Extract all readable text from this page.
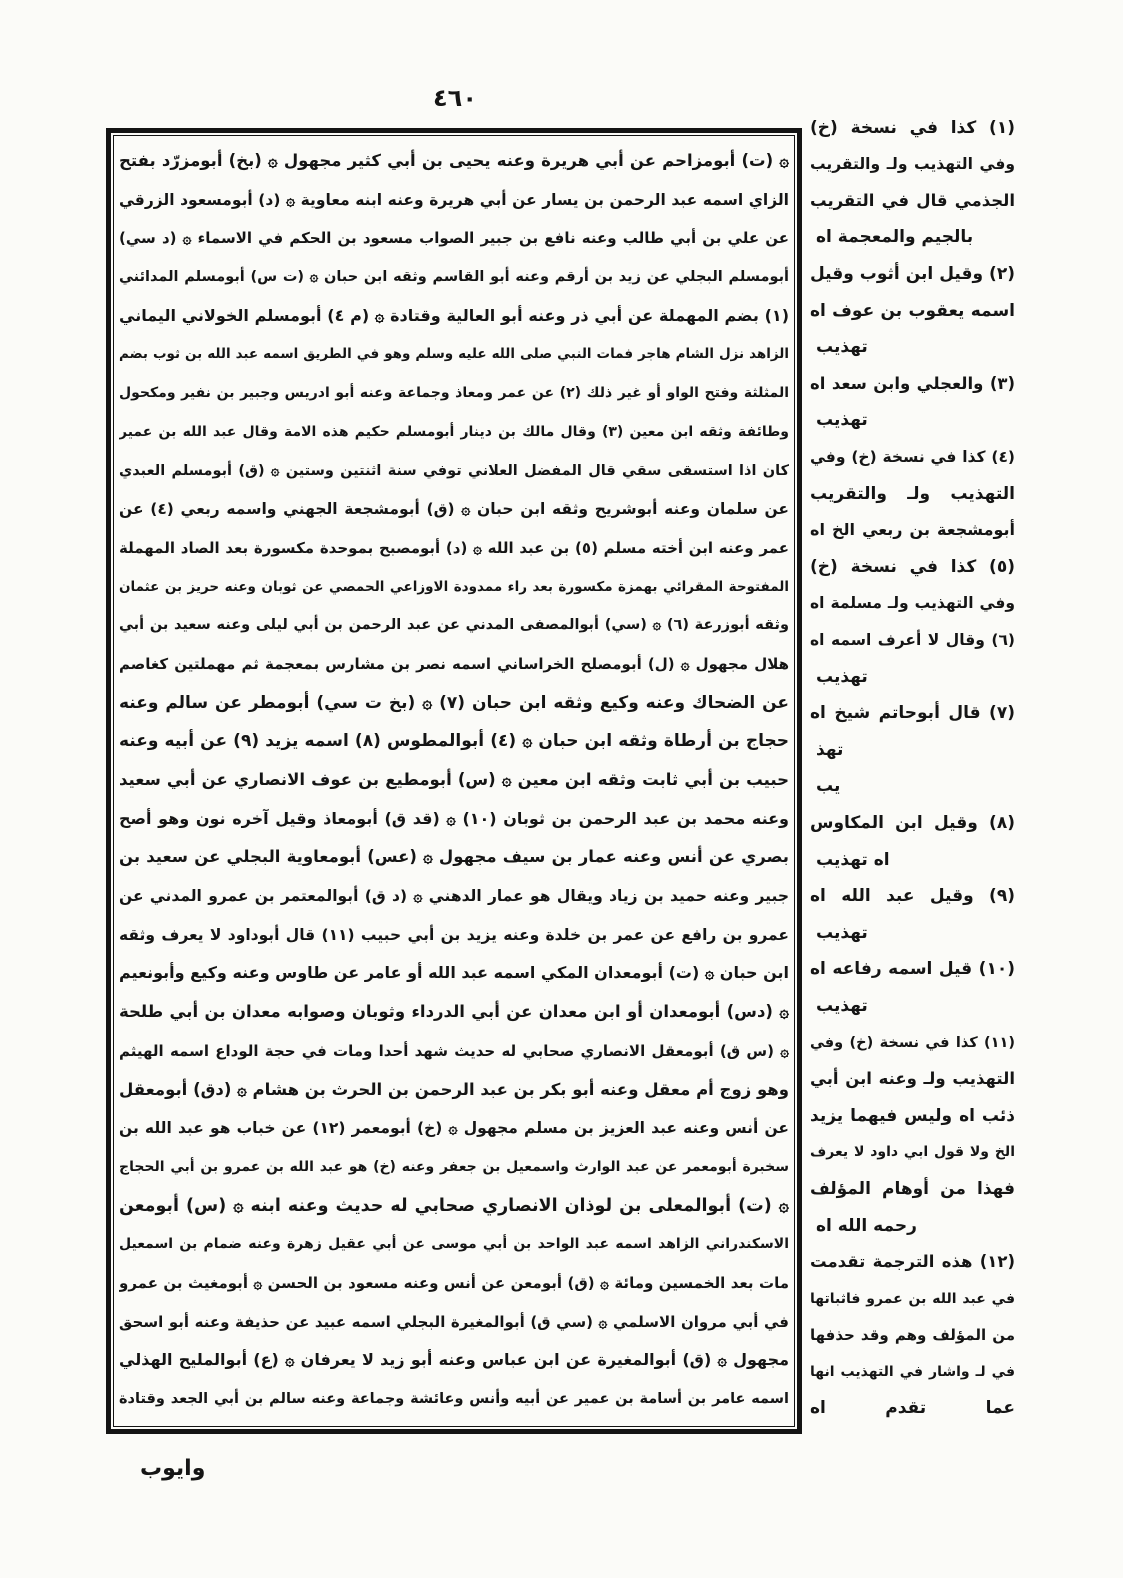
٤٦٠
۞ (ت) أبومزاحم عن أبي هريرة وعنه يحيى بن أبي كثير مجهول ۞ (بخ) أبومزرّد بفتح
الزاي اسمه عبد الرحمن بن يسار عن أبي هريرة وعنه ابنه معاوية ۞ (د) أبومسعود الزرقي
عن علي بن أبي طالب وعنه نافع بن جبير الصواب مسعود بن الحكم في الاسماء ۞ (د سي)
أبومسلم البجلي عن زيد بن أرقم وعنه أبو القاسم وثقه ابن حبان ۞ (ت س) أبومسلم المدائني
(١) بضم المهملة عن أبي ذر وعنه أبو العالية وقتادة ۞ (م ٤) أبومسلم الخولاني اليماني
الزاهد نزل الشام هاجر فمات النبي صلى الله عليه وسلم وهو في الطريق اسمه عبد الله بن ثوب بضم
المثلثة وفتح الواو أو غير ذلك (٢) عن عمر ومعاذ وجماعة وعنه أبو ادريس وجبير بن نفير ومكحول
وطائفة وثقه ابن معين (٣) وقال مالك بن دينار أبومسلم حكيم هذه الامة وقال عبد الله بن عمير
كان اذا استسقى سقي قال المفضل العلاني توفي سنة اثنتين وستين ۞ (ق) أبومسلم العبدي
عن سلمان وعنه أبوشريح وثقه ابن حبان ۞ (ق) أبومشجعة الجهني واسمه ربعي (٤) عن
عمر وعنه ابن أخته مسلم (٥) بن عبد الله ۞ (د) أبومصبح بموحدة مكسورة بعد الصاد المهملة
المفتوحة المقرائي بهمزة مكسورة بعد راء ممدودة الاوزاعي الحمصي عن ثوبان وعنه حريز بن عثمان
وثقه أبوزرعة (٦) ۞ (سي) أبوالمصفى المدني عن عبد الرحمن بن أبي ليلى وعنه سعيد بن أبي
هلال مجهول ۞ (ل) أبومصلح الخراساني اسمه نصر بن مشارس بمعجمة ثم مهملتين كغاصم
عن الضحاك وعنه وكيع وثقه ابن حبان (٧) ۞ (بخ ت سي) أبومطر عن سالم وعنه
حجاج بن أرطاة وثقه ابن حبان ۞ (٤) أبوالمطوس (٨) اسمه يزيد (٩) عن أبيه وعنه
حبيب بن أبي ثابت وثقه ابن معين ۞ (س) أبومطيع بن عوف الانصاري عن أبي سعيد
وعنه محمد بن عبد الرحمن بن ثوبان (١٠) ۞ (قد ق) أبومعاذ وقيل آخره نون وهو أصح
بصري عن أنس وعنه عمار بن سيف مجهول ۞ (عس) أبومعاوية البجلي عن سعيد بن
جبير وعنه حميد بن زياد ويقال هو عمار الدهني ۞ (د ق) أبوالمعتمر بن عمرو المدني عن
عمرو بن رافع عن عمر بن خلدة وعنه يزيد بن أبي حبيب (١١) قال أبوداود لا يعرف وثقه
ابن حبان ۞ (ت) أبومعدان المكي اسمه عبد الله أو عامر عن طاوس وعنه وكيع وأبونعيم
۞ (دس) أبومعدان أو ابن معدان عن أبي الدرداء وثوبان وصوابه معدان بن أبي طلحة
۞ (س ق) أبومعقل الانصاري صحابي له حديث شهد أحدا ومات في حجة الوداع اسمه الهيثم
وهو زوج أم معقل وعنه أبو بكر بن عبد الرحمن بن الحرث بن هشام ۞ (دق) أبومعقل
عن أنس وعنه عبد العزيز بن مسلم مجهول ۞ (خ) أبومعمر (١٢) عن خباب هو عبد الله بن
سخبرة أبومعمر عن عبد الوارث واسمعيل بن جعفر وعنه (خ) هو عبد الله بن عمرو بن أبي الحجاج
۞ (ت) أبوالمعلى بن لوذان الانصاري صحابي له حديث وعنه ابنه ۞ (س) أبومعن
الاسكندراني الزاهد اسمه عبد الواحد بن أبي موسى عن أبي عقيل زهرة وعنه ضمام بن اسمعيل
مات بعد الخمسين ومائة ۞ (ق) أبومعن عن أنس وعنه مسعود بن الحسن ۞ أبومغيث بن عمرو
في أبي مروان الاسلمي ۞ (سي ق) أبوالمغيرة البجلي اسمه عبيد عن حذيفة وعنه أبو اسحق
مجهول ۞ (ق) أبوالمغيرة عن ابن عباس وعنه أبو زيد لا يعرفان ۞ (ع) أبوالمليح الهذلي
اسمه عامر بن أسامة بن عمير عن أبيه وأنس وعائشة وجماعة وعنه سالم بن أبي الجعد وقتادة
(١) كذا في نسخة (خ)
وفي التهذيب ولـ والتقريب
الجذمي قال في التقريب
بالجيم والمعجمة اه
(٢) وقيل ابن أثوب وقيل
اسمه يعقوب بن عوف اه
تهذيب
(٣) والعجلي وابن سعد اه
تهذيب
(٤) كذا في نسخة (خ) وفي
التهذيب ولـ والتقريب
أبومشجعة بن ربعي الخ اه
(٥) كذا في نسخة (خ)
وفي التهذيب ولـ مسلمة اه
(٦) وقال لا أعرف اسمه اه
تهذيب
(٧) قال أبوحاتم شيخ اه
تهذ
يب
(٨) وقيل ابن المكاوس
اه تهذيب
(٩) وقيل عبد الله اه
تهذيب
(١٠) قيل اسمه رفاعه اه
تهذيب
(١١) كذا في نسخة (خ) وفي
التهذيب ولـ وعنه ابن أبي
ذئب اه وليس فيهما يزيد
الخ ولا قول ابي داود لا يعرف
فهذا من أوهام المؤلف
رحمه الله اه
(١٢) هذه الترجمة تقدمت
في عبد الله بن عمرو فاثباتها
من المؤلف وهم وقد حذفها
في لـ واشار في التهذيب انها
عما تقدم اه
وايوب
